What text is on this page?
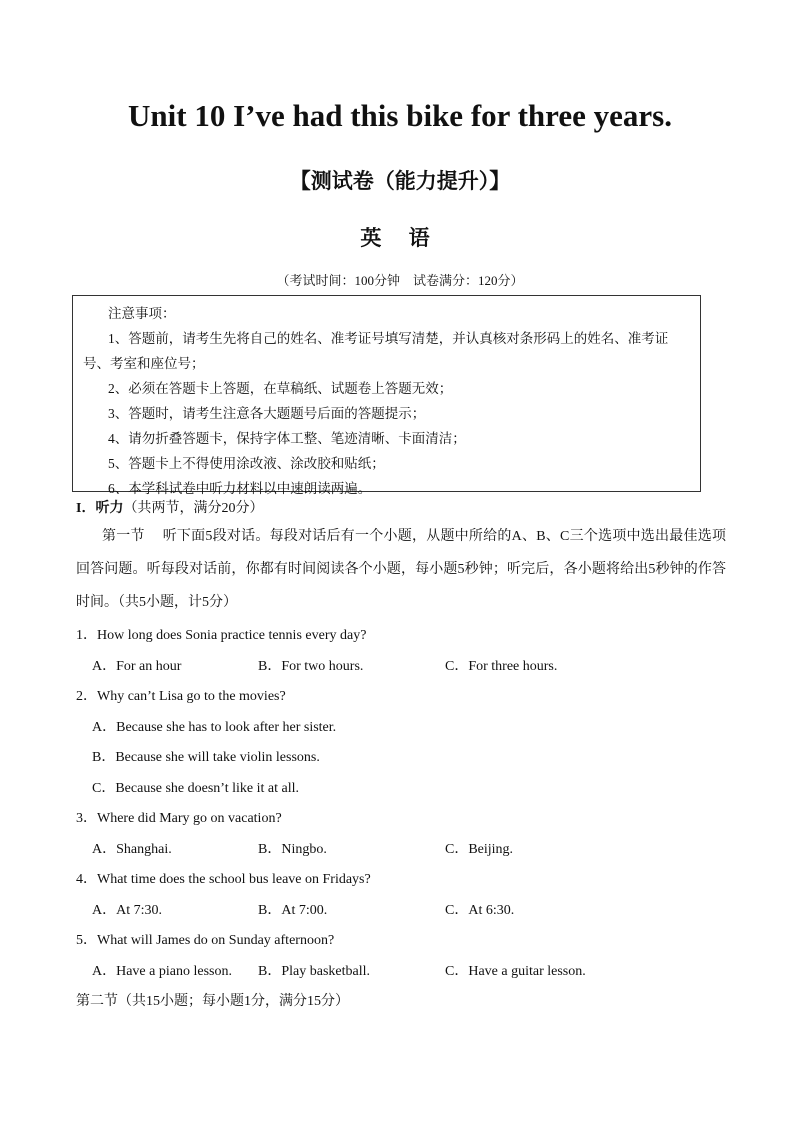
Unit 10 I’ve had this bike for three years.
【测试卷（能力提升）】
英 语
（考试时间：100分钟　试卷满分：120分）

注意事项：

1、答题前，请考生先将自己的姓名、准考证号填写清楚，并认真核对条形码上的姓名、准考证号、考室和座位号；

2、必须在答题卡上答题，在草稿纸、试题卷上答题无效；

3、答题时，请考生注意各大题题号后面的答题提示；

4、请勿折叠答题卡，保持字体工整、笔迹清晰、卡面清洁；

5、答题卡上不得使用涂改液、涂改胶和贴纸；

6、本学科试卷中听力材料以中速朗读两遍。

I．听力（共两节，满分20分）
第一节　 听下面5段对话。每段对话后有一个小题，从题中所给的A、B、C三个选项中选出最佳选项回答问题。听每段对话前，你都有时间阅读各个小题，每小题5秒钟；听完后，各小题将给出5秒钟的作答时间。（共5小题，计5分）
1．How long does Sonia practice tennis every day?
A．For an hour	B．For two hours.	C．For three hours.
2．Why can’t Lisa go to the movies?
A．Because she has to look after her sister.
B．Because she will take violin lessons.
C．Because she doesn’t like it at all.
3．Where did Mary go on vacation?
A．Shanghai.	B．Ningbo.	C．Beijing.
4．What time does the school bus leave on Fridays?
A．At 7:30.	B．At 7:00.	C．At 6:30.
5．What will James do on Sunday afternoon?
A．Have a piano lesson. B．Play basketball.	C．Have a guitar lesson.
第二节（共15小题；每小题1分，满分15分）
